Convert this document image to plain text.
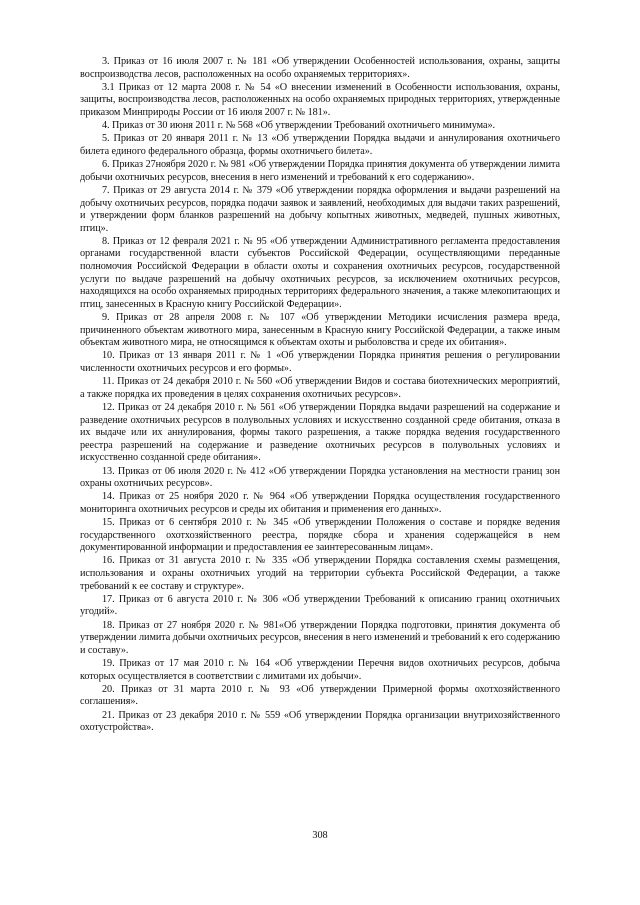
3. Приказ от 16 июля 2007 г. № 181 «Об утверждении Особенностей использования, охраны, защиты воспроизводства лесов, расположенных на особо охраняемых территориях».

3.1 Приказ от 12 марта 2008 г. № 54 «О внесении изменений в Особенности использования, охраны, защиты, воспроизводства лесов, расположенных на особо охраняемых природных территориях, утвержденные приказом Минприроды России от 16 июля 2007 г. № 181».

4. Приказ от 30 июня 2011 г. № 568 «Об утверждении Требований охотничьего минимума».

5. Приказ от 20 января 2011 г. № 13 «Об утверждении Порядка выдачи и аннулирования охотничьего билета единого федерального образца, формы охотничьего билета».

6. Приказ 27ноября 2020 г. № 981 «Об утверждении Порядка принятия документа об утверждении лимита добычи охотничьих ресурсов, внесения в него изменений и требований к его содержанию».

7. Приказ от 29 августа 2014 г. № 379 «Об утверждении порядка оформления и выдачи разрешений на добычу охотничьих ресурсов, порядка подачи заявок и заявлений, необходимых для выдачи таких разрешений, и утверждении форм бланков разрешений на добычу копытных животных, медведей, пушных животных, птиц».

8. Приказ от 12 февраля 2021 г. № 95 «Об утверждении Административного регламента предоставления органами государственной власти субъектов Российской Федерации, осуществляющими переданные полномочия Российской Федерации в области охоты и сохранения охотничьих ресурсов, государственной услуги по выдаче разрешений на добычу охотничьих ресурсов, за исключением охотничьих ресурсов, находящихся на особо охраняемых природных территориях федерального значения, а также млекопитающих и птиц, занесенных в Красную книгу Российской Федерации».

9. Приказ от 28 апреля 2008 г. № 107 «Об утверждении Методики исчисления размера вреда, причиненного объектам животного мира, занесенным в Красную книгу Российской Федерации, а также иным объектам животного мира, не относящимся к объектам охоты и рыболовства и среде их обитания».

10. Приказ от 13 января 2011 г. № 1 «Об утверждении Порядка принятия решения о регулировании численности охотничьих ресурсов и его формы».

11. Приказ от 24 декабря 2010 г. № 560 «Об утверждении Видов и состава биотехнических мероприятий, а также порядка их проведения в целях сохранения охотничьих ресурсов».

12. Приказ от 24 декабря 2010 г. № 561 «Об утверждении Порядка выдачи разрешений на содержание и разведение охотничьих ресурсов в полувольных условиях и искусственно созданной среде обитания, отказа в их выдаче или их аннулирования, формы такого разрешения, а также порядка ведения государственного реестра разрешений на содержание и разведение охотничьих ресурсов в полувольных условиях и искусственно созданной среде обитания».

13. Приказ от 06 июля 2020 г. № 412 «Об утверждении Порядка установления на местности границ зон охраны охотничьих ресурсов».

14. Приказ от 25 ноября 2020 г. № 964 «Об утверждении Порядка осуществления государственного мониторинга охотничьих ресурсов и среды их обитания и применения его данных».

15. Приказ от 6 сентября 2010 г. № 345 «Об утверждении Положения о составе и порядке ведения государственного охотхозяйственного реестра, порядке сбора и хранения содержащейся в нем документированной информации и предоставления ее заинтересованным лицам».

16. Приказ от 31 августа 2010 г. № 335 «Об утверждении Порядка составления схемы размещения, использования и охраны охотничьих угодий на территории субъекта Российской Федерации, а также требований к ее составу и структуре».

17. Приказ от 6 августа 2010 г. № 306 «Об утверждении Требований к описанию границ охотничьих угодий».

18. Приказ от 27 ноября 2020 г. № 981«Об утверждении Порядка подготовки, принятия документа об утверждении лимита добычи охотничьих ресурсов, внесения в него изменений и требований к его содержанию и составу».

19. Приказ от 17 мая 2010 г. № 164 «Об утверждении Перечня видов охотничьих ресурсов, добыча которых осуществляется в соответствии с лимитами их добычи».

20. Приказ от 31 марта 2010 г. № 93 «Об утверждении Примерной формы охотхозяйственного соглашения».

21. Приказ от 23 декабря 2010 г. № 559 «Об утверждении Порядка организации внутрихозяйственного охотустройства».

308
